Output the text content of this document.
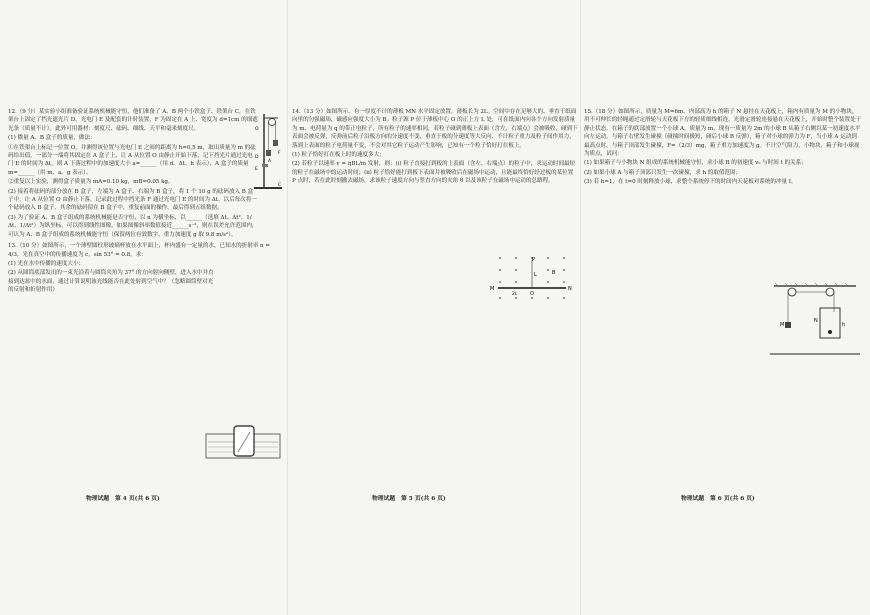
12.（9 分）某实验小组准备验证系统机械能守恒，他们准备了 A、B 两个小铁盒子、铁架台 C，在铁架台上固定了挡光遮光片 D，光电门 E 及配套的计时装置，F 为固定在 A 上、宽度为 d=1cm 的细遮光条（质量不计）。此外可用器材：刻度尺、砝码、细线、天平和毫米刻度尺。

(1) 微量 A、B 盒子的质量，做法：

①在铁架台上标记一位置 O，并测得该位置与光电门 E 之间的距离为 h=0.5 m，取出质量为 m 的砝码给出值，一部分一端将其固定在 A 盒子上，让 A 从位置 O 由静止开始下落，记下挡光片通过光电门 E 的时间为 Δt，则 A 下落过程中的加速度大小 a=______（用 d、Δt、h 表示），A 盒子的质量 m=______（用 m、a、g 表示）。

②重复以上实验，测得盒子质量为 mA=0.10 kg，mB=0.05 kg。

(2) 接着将砝码的部分放在 B 盒子，左端为 A 盒子、右端为 B 盒子，将 1 个 10 g 的砝码放入 B 盒子中，让 A 从位置 O 由静止下落，记录此过程中挡光条 F 通过光电门 E 的时间为 Δt。以后每次将一个砝码放入 B 盒子，其余的砝码留在 B 盒子中，重复前面的操作，最后得到五组数据。

(3) 为了验证 A、B 盒子组成的系统机械能是否守恒，以 n 为横坐标，以______（选填 Δt、Δt²、1/Δt、1/Δt²）为纵坐标，可以得到线性图像，如果图像斜率数值接近______s⁻²，则在误差允许范围内，可认为 A、B 盒子组成的系统机械能守恒（保留两位有效数字，重力加速度 g 取 9.8 m/s²）。

13.（10 分）如图所示，一个薄壁圆柱形玻璃杯放在水平面上，杯内盛有一定量的水，已知水的折射率 n = 4/3，光在真空中的传播速度为 c，sin 53° = 0.8，求：

(1) 光在水中传播的速度大小；

(2) 从圆筒底部发出的一束光沿着与圆筒夹角为 37° 的方向射向侧壁，进入水中并直接到达盆中的水面，通过计算说明该光线能否在此处射到空气中？（忽略圆筒壁对光的反射和折射作用）

O
F
A
D
E
C

14.（13 分）如图所示，有一厚度不计的薄板 MN 水平固定放置，薄板长为 2L。空间中存在足够大的、垂直于纸面向里的匀强磁场，磁感应强度大小为 B。粒子源 P 位于薄板中心 O 的正上方 L 处，可在纸面内向各个方向发射质量为 m、电荷量为 q 的带正电粒子，所有粒子的速率相同，若粒子碰到薄板上表面（含左、右端点）会被吸收，碰到下表面会被反弹，反弹前后粒子沿板方向的分速度不变，垂直于板的分速度等大反向，不计粒子重力及粒子间作用力，落到上表面的粒子电荷量不变，不会对其它粒子运动产生影响，已知有一个粒子恰好打在板上。

(1) 粒子恰好打在板上时的速度多大；

(2) 若粒子以速率 v = qBL/m 发射，则：(i) 粒子直接打到板的上表面（含左、右端点）的粒子中，求运动时间最短的粒子在磁场中的运动时间；(ii) 粒子恰好能打到板下表面并被吸收后在磁场中运动，且能最终恰好经过板的某位置 P 点时，若在此时刻撤去磁场，求该粒子速度方向与竖直方向的夹角 θ 以及该粒子在磁场中运动的总路程。

P
L	B
M	N
O
2L

15.（18 分）如图所示，质量为 M=6m、内部高为 h 的箱子 N 悬挂在天花板上，箱内有质量为 M 的小物块，用不可伸长的轻绳通过定滑轮与天花板下方的轻质细线相连，光滑定滑轮连接悬在天花板上，开始时整个装置处于静止状态。在箱子的底部放置一个小球 A，质量为 m。现有一质量为 2m 的小球 B 从箱子右侧以某一初速度水平向左运动，与箱子右壁发生碰撞（碰撞时间极短，碰后小球 B 反弹），箱子对小球的弹力为 F，当小球 A 运动到最高点时，与箱子顶部发生碰撞，F=（2/3）mg，箱子重力加速度为 g。不计空气阻力，小物块、箱子和小球视为质点，试问：

(1) 如果箱子与小物块 N 组成的系统机械能守恒，求小球 B 的初速度 v₀ 与时间 t 的关系；

(2) 如果小球 A 与箱子顶部只发生一次碰撞，求 h 的取值范围；

(3) 若 h=1，在 t=0 时刻释放小球，求整个系统停下的时间内天花板对系统的冲量 I。

M
N
h
物理试题　第 4 页(共 6 页)	物理试题　第 5 页(共 6 页)	物理试题　第 6 页(共 6 页)
